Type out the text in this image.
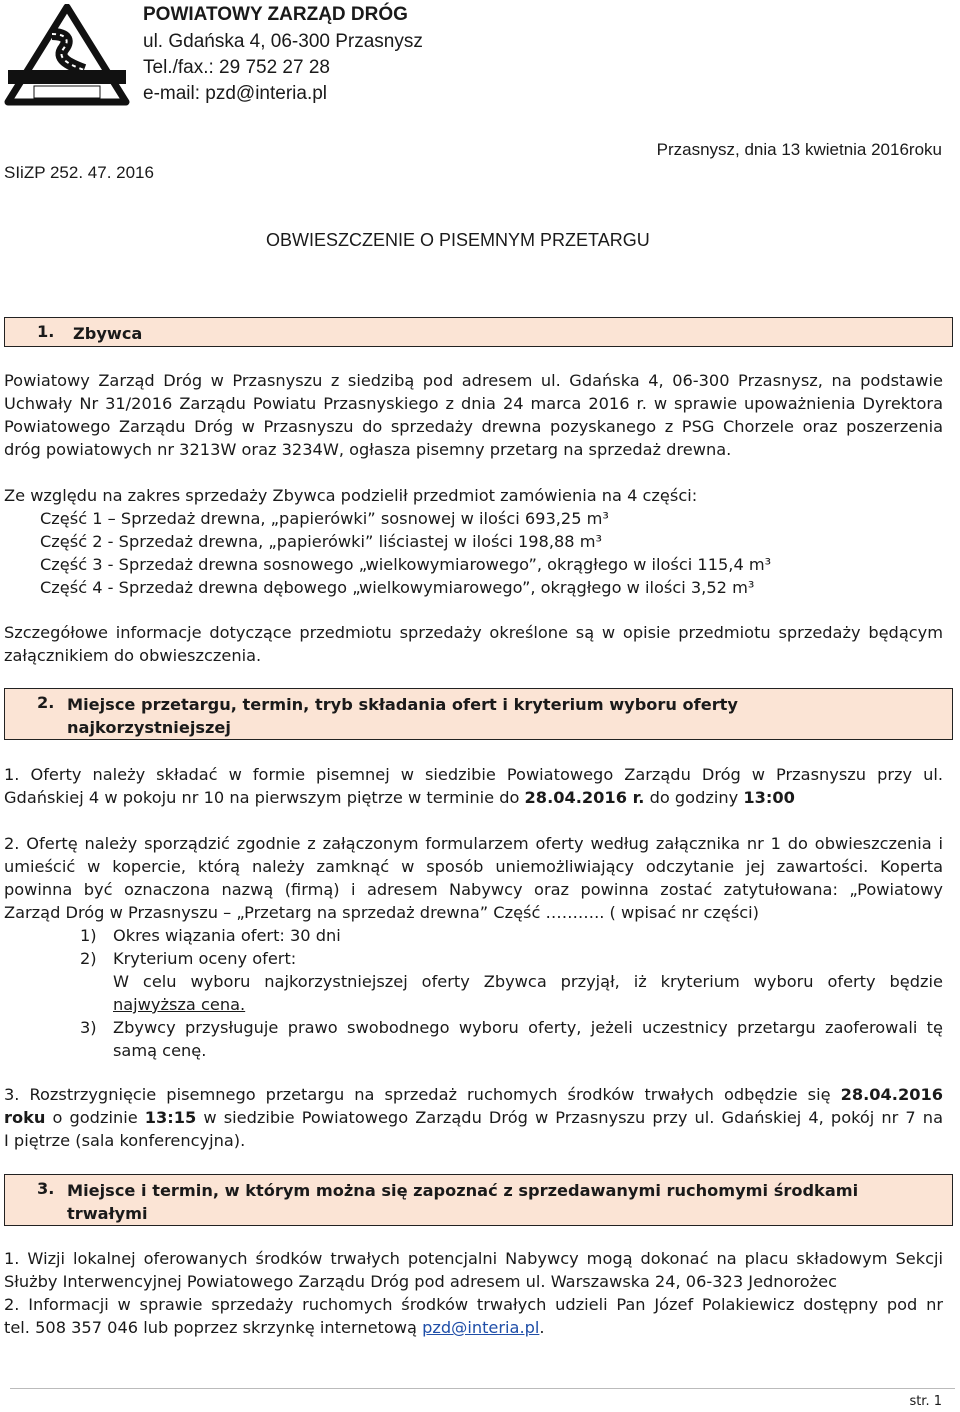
POWIATOWY ZARZĄD DRÓG
ul. Gdańska 4, 06-300 Przasnysz
Tel./fax.: 29 752 27 28
e-mail: pzd@interia.pl
SIiZP 252. 47. 2016
Przasnysz, dnia 13 kwietnia 2016roku
OBWIESZCZENIE O PISEMNYM PRZETARGU
1. Zbywca
Powiatowy Zarząd Dróg w Przasnyszu z siedzibą pod adresem ul. Gdańska 4, 06-300 Przasnysz, na podstawie
Uchwały Nr 31/2016 Zarządu Powiatu Przasnyskiego z dnia 24 marca 2016 r. w sprawie upoważnienia Dyrektora
Powiatowego Zarządu Dróg w Przasnyszu do sprzedaży drewna pozyskanego z PSG Chorzele oraz poszerzenia
dróg powiatowych nr 3213W oraz 3234W, ogłasza pisemny przetarg na sprzedaż drewna.
Ze względu na zakres sprzedaży Zbywca podzielił przedmiot zamówienia na 4 części:
Część 1 – Sprzedaż drewna, „papierówki” sosnowej w ilości 693,25 m³
Część 2 - Sprzedaż drewna, „papierówki” liściastej w ilości 198,88 m³
Część 3 - Sprzedaż drewna sosnowego „wielkowymiarowego”, okrągłego w ilości 115,4 m³
Część 4 - Sprzedaż drewna dębowego „wielkowymiarowego”, okrągłego w ilości 3,52 m³
Szczegółowe informacje dotyczące przedmiotu sprzedaży określone są w opisie przedmiotu sprzedaży będącym
załącznikiem do obwieszczenia.
2. Miejsce przetargu, termin, tryb składania ofert i kryterium wyboru oferty najkorzystniejszej
1. Oferty należy składać w formie pisemnej w siedzibie Powiatowego Zarządu Dróg w Przasnyszu przy ul.
Gdańskiej 4 w pokoju nr 10 na pierwszym piętrze w terminie do 28.04.2016 r. do godziny 13:00
2. Ofertę należy sporządzić zgodnie z załączonym formularzem oferty według załącznika nr 1 do obwieszczenia i
umieścić w kopercie, którą należy zamknąć w sposób uniemożliwiający odczytanie jej zawartości. Koperta
powinna być oznaczona nazwą (firmą) i adresem Nabywcy oraz powinna zostać zatytułowana: „Powiatowy
Zarząd Dróg w Przasnyszu – „Przetarg na sprzedaż drewna” Część ……….. ( wpisać nr części)
1) Okres wiązania ofert: 30 dni
2) Kryterium oceny ofert:
W celu wyboru najkorzystniejszej oferty Zbywca przyjął, iż kryterium wyboru oferty będzie
najwyższa cena.
3) Zbywcy przysługuje prawo swobodnego wyboru oferty, jeżeli uczestnicy przetargu zaoferowali tę
samą cenę.
3. Rozstrzygnięcie pisemnego przetargu na sprzedaż ruchomych środków trwałych odbędzie się 28.04.2016
roku o godzinie 13:15 w siedzibie Powiatowego Zarządu Dróg w Przasnyszu przy ul. Gdańskiej 4, pokój nr 7 na
I piętrze (sala konferencyjna).
3. Miejsce i termin, w którym można się zapoznać z sprzedawanymi ruchomymi środkami trwałymi
1. Wizji lokalnej oferowanych środków trwałych potencjalni Nabywcy mogą dokonać na placu składowym Sekcji
Służby Interwencyjnej Powiatowego Zarządu Dróg pod adresem ul. Warszawska 24, 06-323 Jednorożec
2. Informacji w sprawie sprzedaży ruchomych środków trwałych udzieli Pan Józef Polakiewicz dostępny pod nr
tel. 508 357 046 lub poprzez skrzynkę internetową pzd@interia.pl.
str. 1
